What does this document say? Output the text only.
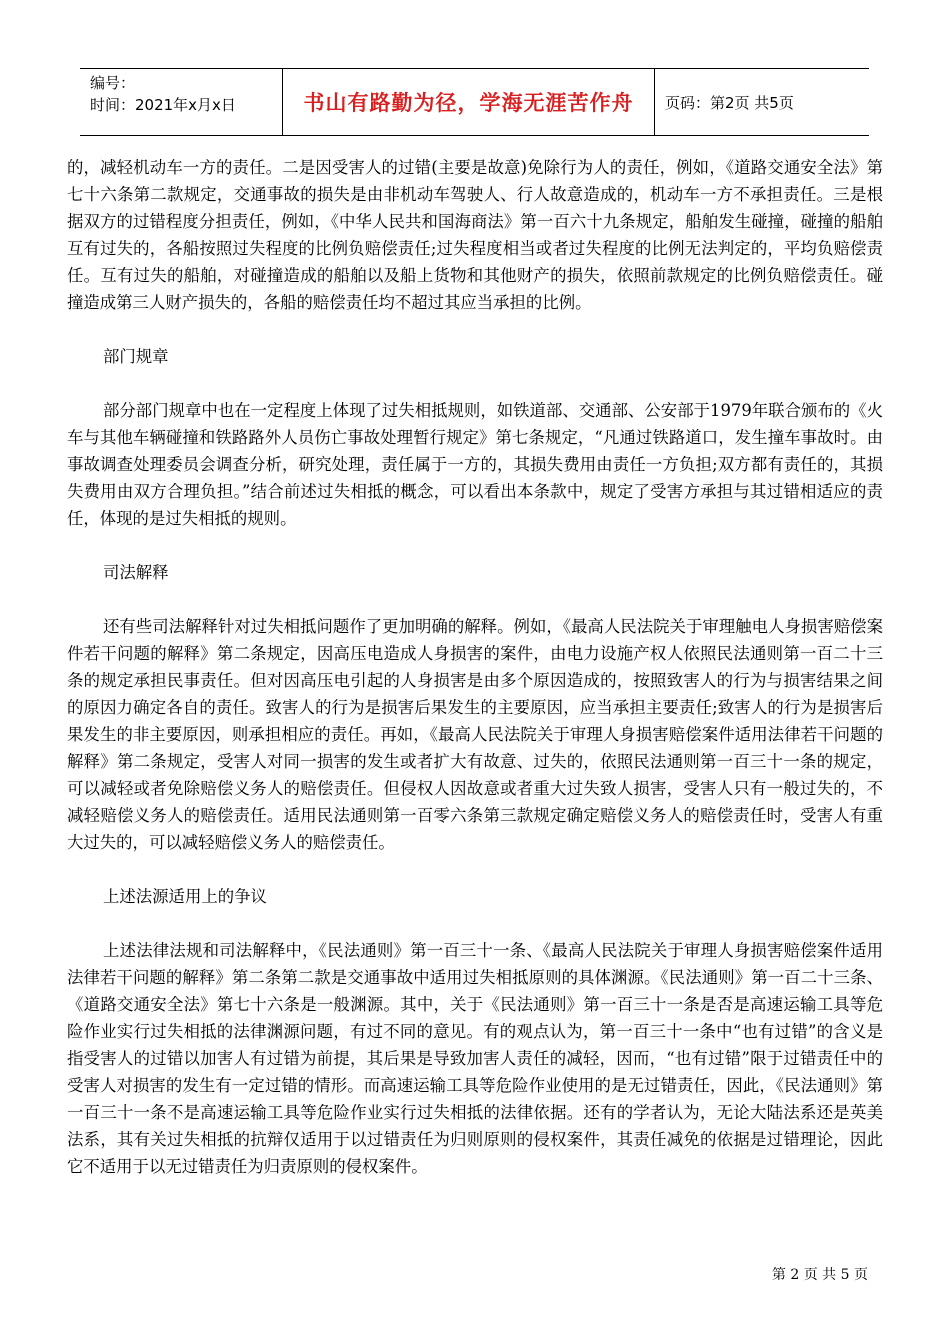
编号：
时间：2021年x月x日	书山有路勤为径，学海无涯苦作舟	页码：第2页 共5页

的，减轻机动车一方的责任。二是因受害人的过错(主要是故意)免除行为人的责任，例如，《道路交通安全法》第七十六条第二款规定，交通事故的损失是由非机动车驾驶人、行人故意造成的，机动车一方不承担责任。三是根据双方的过错程度分担责任，例如，《中华人民共和国海商法》第一百六十九条规定，船舶发生碰撞，碰撞的船舶互有过失的，各船按照过失程度的比例负赔偿责任;过失程度相当或者过失程度的比例无法判定的，平均负赔偿责任。互有过失的船舶，对碰撞造成的船舶以及船上货物和其他财产的损失，依照前款规定的比例负赔偿责任。碰撞造成第三人财产损失的，各船的赔偿责任均不超过其应当承担的比例。

部门规章

部分部门规章中也在一定程度上体现了过失相抵规则，如铁道部、交通部、公安部于1979年联合颁布的《火车与其他车辆碰撞和铁路路外人员伤亡事故处理暂行规定》第七条规定，“凡通过铁路道口，发生撞车事故时。由事故调查处理委员会调查分析，研究处理，责任属于一方的，其损失费用由责任一方负担;双方都有责任的，其损失费用由双方合理负担。”结合前述过失相抵的概念，可以看出本条款中，规定了受害方承担与其过错相适应的责任，体现的是过失相抵的规则。

司法解释

还有些司法解释针对过失相抵问题作了更加明确的解释。例如，《最高人民法院关于审理触电人身损害赔偿案件若干问题的解释》第二条规定，因高压电造成人身损害的案件，由电力设施产权人依照民法通则第一百二十三条的规定承担民事责任。但对因高压电引起的人身损害是由多个原因造成的，按照致害人的行为与损害结果之间的原因力确定各自的责任。致害人的行为是损害后果发生的主要原因，应当承担主要责任;致害人的行为是损害后果发生的非主要原因，则承担相应的责任。再如，《最高人民法院关于审理人身损害赔偿案件适用法律若干问题的解释》第二条规定，受害人对同一损害的发生或者扩大有故意、过失的，依照民法通则第一百三十一条的规定，可以减轻或者免除赔偿义务人的赔偿责任。但侵权人因故意或者重大过失致人损害，受害人只有一般过失的，不减轻赔偿义务人的赔偿责任。适用民法通则第一百零六条第三款规定确定赔偿义务人的赔偿责任时，受害人有重大过失的，可以减轻赔偿义务人的赔偿责任。

上述法源适用上的争议

上述法律法规和司法解释中，《民法通则》第一百三十一条、《最高人民法院关于审理人身损害赔偿案件适用法律若干问题的解释》第二条第二款是交通事故中适用过失相抵原则的具体渊源。《民法通则》第一百二十三条、《道路交通安全法》第七十六条是一般渊源。其中，关于《民法通则》第一百三十一条是否是高速运输工具等危险作业实行过失相抵的法律渊源问题，有过不同的意见。有的观点认为，第一百三十一条中“也有过错”的含义是指受害人的过错以加害人有过错为前提，其后果是导致加害人责任的减轻，因而，“也有过错”限于过错责任中的受害人对损害的发生有一定过错的情形。而高速运输工具等危险作业使用的是无过错责任，因此，《民法通则》第一百三十一条不是高速运输工具等危险作业实行过失相抵的法律依据。还有的学者认为，无论大陆法系还是英美法系，其有关过失相抵的抗辩仅适用于以过错责任为归则原则的侵权案件，其责任减免的依据是过错理论，因此它不适用于以无过错责任为归责原则的侵权案件。

第 2 页 共 5 页
